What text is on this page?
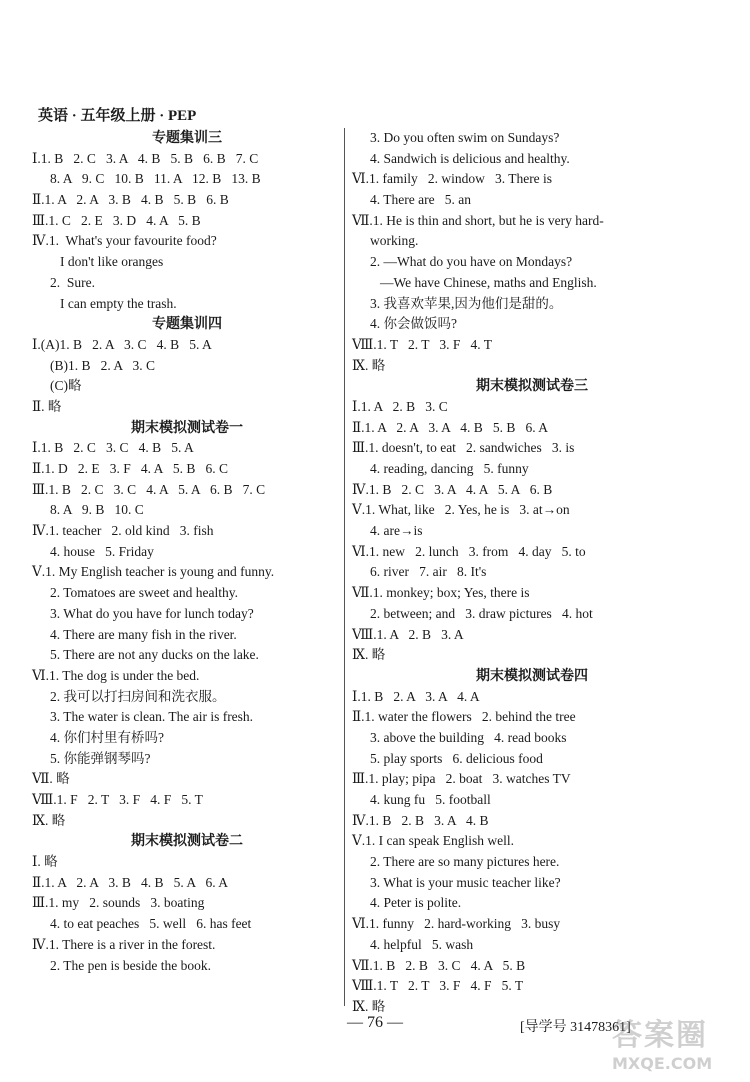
英语 · 五年级上册 · PEP
专题集训三
Ⅰ.1. B   2. C   3. A   4. B   5. B   6. B   7. C
8. A   9. C   10. B   11. A   12. B   13. B
Ⅱ.1. A   2. A   3. B   4. B   5. B   6. B
Ⅲ.1. C   2. E   3. D   4. A   5. B
Ⅳ.1.  What's your favourite food?
I don't like oranges
2.  Sure.
I can empty the trash.
专题集训四
Ⅰ.(A)1. B   2. A   3. C   4. B   5. A
(B)1. B   2. A   3. C
(C)略
Ⅱ. 略
期末模拟测试卷一
Ⅰ.1. B   2. C   3. C   4. B   5. A
Ⅱ.1. D   2. E   3. F   4. A   5. B   6. C
Ⅲ.1. B   2. C   3. C   4. A   5. A   6. B   7. C
8. A   9. B   10. C
Ⅳ.1. teacher   2. old kind   3. fish
4. house   5. Friday
Ⅴ.1. My English teacher is young and funny.
2. Tomatoes are sweet and healthy.
3. What do you have for lunch today?
4. There are many fish in the river.
5. There are not any ducks on the lake.
Ⅵ.1. The dog is under the bed.
2. 我可以打扫房间和洗衣服。
3. The water is clean. The air is fresh.
4. 你们村里有桥吗?
5. 你能弹钢琴吗?
Ⅶ. 略
Ⅷ.1. F   2. T   3. F   4. F   5. T
Ⅸ. 略
期末模拟测试卷二
Ⅰ. 略
Ⅱ.1. A   2. A   3. B   4. B   5. A   6. A
Ⅲ.1. my   2. sounds   3. boating
4. to eat peaches   5. well   6. has feet
Ⅳ.1. There is a river in the forest.
2. The pen is beside the book.
3. Do you often swim on Sundays?
4. Sandwich is delicious and healthy.
Ⅵ.1. family   2. window   3. There is
4. There are   5. an
Ⅶ.1. He is thin and short, but he is very hard-
working.
2. —What do you have on Mondays?
—We have Chinese, maths and English.
3. 我喜欢苹果,因为他们是甜的。
4. 你会做饭吗?
Ⅷ.1. T   2. T   3. F   4. T
Ⅸ. 略
期末模拟测试卷三
Ⅰ.1. A   2. B   3. C
Ⅱ.1. A   2. A   3. A   4. B   5. B   6. A
Ⅲ.1. doesn't, to eat   2. sandwiches   3. is
4. reading, dancing   5. funny
Ⅳ.1. B   2. C   3. A   4. A   5. A   6. B
Ⅴ.1. What, like   2. Yes, he is   3. at→on
4. are→is
Ⅵ.1. new   2. lunch   3. from   4. day   5. to
6. river   7. air   8. It's
Ⅶ.1. monkey; box; Yes, there is
2. between; and   3. draw pictures   4. hot
Ⅷ.1. A   2. B   3. A
Ⅸ. 略
期末模拟测试卷四
Ⅰ.1. B   2. A   3. A   4. A
Ⅱ.1. water the flowers   2. behind the tree
3. above the building   4. read books
5. play sports   6. delicious food
Ⅲ.1. play; pipa   2. boat   3. watches TV
4. kung fu   5. football
Ⅳ.1. B   2. B   3. A   4. B
Ⅴ.1. I can speak English well.
2. There are so many pictures here.
3. What is your music teacher like?
4. Peter is polite.
Ⅵ.1. funny   2. hard-working   3. busy
4. helpful   5. wash
Ⅶ.1. B   2. B   3. C   4. A   5. B
Ⅷ.1. T   2. T   3. F   4. F   5. T
Ⅸ. 略
— 76 —	[导学号 31478361]
答案圈
MXQE.COM
